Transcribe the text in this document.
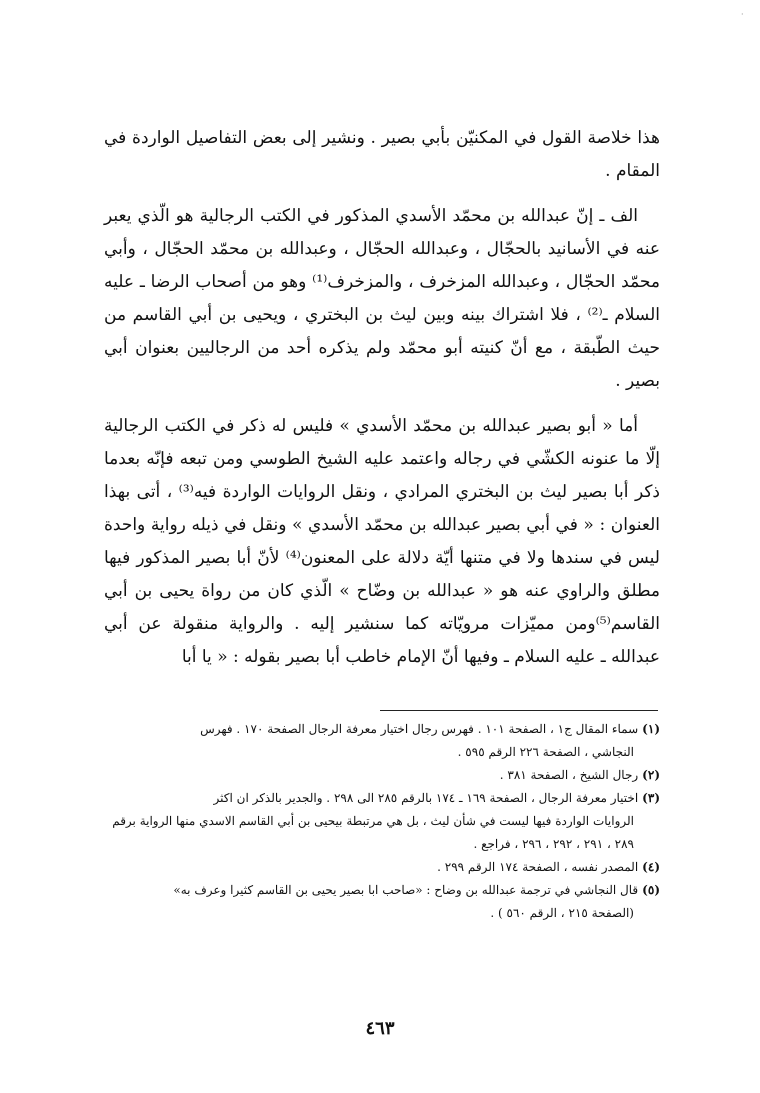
·

هذا خلاصة القول في المكنيّن بأبي بصير . ونشير إلى بعض التفاصيل الواردة في المقام .

الف ـ إنّ عبدالله بن محمّد الأسدي المذكور في الكتب الرجالية هو الّذي يعبر عنه في الأسانيد بالحجّال ، وعبدالله الحجّال ، وعبدالله بن محمّد الحجّال ، وأبي محمّد الحجّال ، وعبدالله المزخرف ، والمزخرف⁽¹⁾ وهو من أصحاب الرضا ـ عليه السلام ـ⁽²⁾ ، فلا اشتراك بينه وبين ليث بن البختري ، ويحيى بن أبي القاسم من حيث الطّبقة ، مع أنّ كنيته أبو محمّد ولم يذكره أحد من الرجاليين بعنوان أبي بصير .

أما « أبو بصير عبدالله بن محمّد الأسدي » فليس له ذكر في الكتب الرجالية إلّا ما عنونه الكشّي في رجاله واعتمد عليه الشيخ الطوسي ومن تبعه فإنّه بعدما ذكر أبا بصير ليث بن البختري المرادي ، ونقل الروايات الواردة فيه⁽³⁾ ، أتى بهذا العنوان : « في أبي بصير عبدالله بن محمّد الأسدي » ونقل في ذيله رواية واحدة ليس في سندها ولا في متنها أيّة دلالة على المعنون⁽⁴⁾ لأنّ أبا بصير المذكور فيها مطلق والراوي عنه هو « عبدالله بن وضّاح » الّذي كان من رواة يحيى بن أبي القاسم⁽⁵⁾ومن مميّزات مرويّاته كما سنشير إليه . والرواية منقولة عن أبي عبدالله ـ عليه السلام ـ وفيها أنّ الإمام خاطب أبا بصير بقوله : « يا أبا

(١)سماء المقال ج١ ، الصفحة ١٠١ . فهرس رجال اختيار معرفة الرجال الصفحة ١٧٠ . فهرس
النجاشي ، الصفحة ٢٢٦ الرقم ٥٩٥ .

(٢)رجال الشيخ ، الصفحة ٣٨١ .

(٣)اختيار معرفة الرجال ، الصفحة ١٦٩ ـ ١٧٤ بالرقم ٢٨٥ الى ٢٩٨ . والجدير بالذكر ان اكثر
الروايات الواردة فيها ليست في شأن ليث ، بل هي مرتبطة بيحيى بن أبي القاسم الاسدي منها الرواية برقم ٢٨٩ ، ٢٩١ ، ٢٩٢ ، ٢٩٦ ، فراجع .

(٤)المصدر نفسه ، الصفحة ١٧٤ الرقم ٢٩٩ .

(٥)قال النجاشي في ترجمة عبدالله بن وضاح : «صاحب ابا بصير يحيى بن القاسم كثيرا وعرف به»
(الصفحة ٢١٥ ، الرقم ٥٦٠ ) .

٤٦٣
